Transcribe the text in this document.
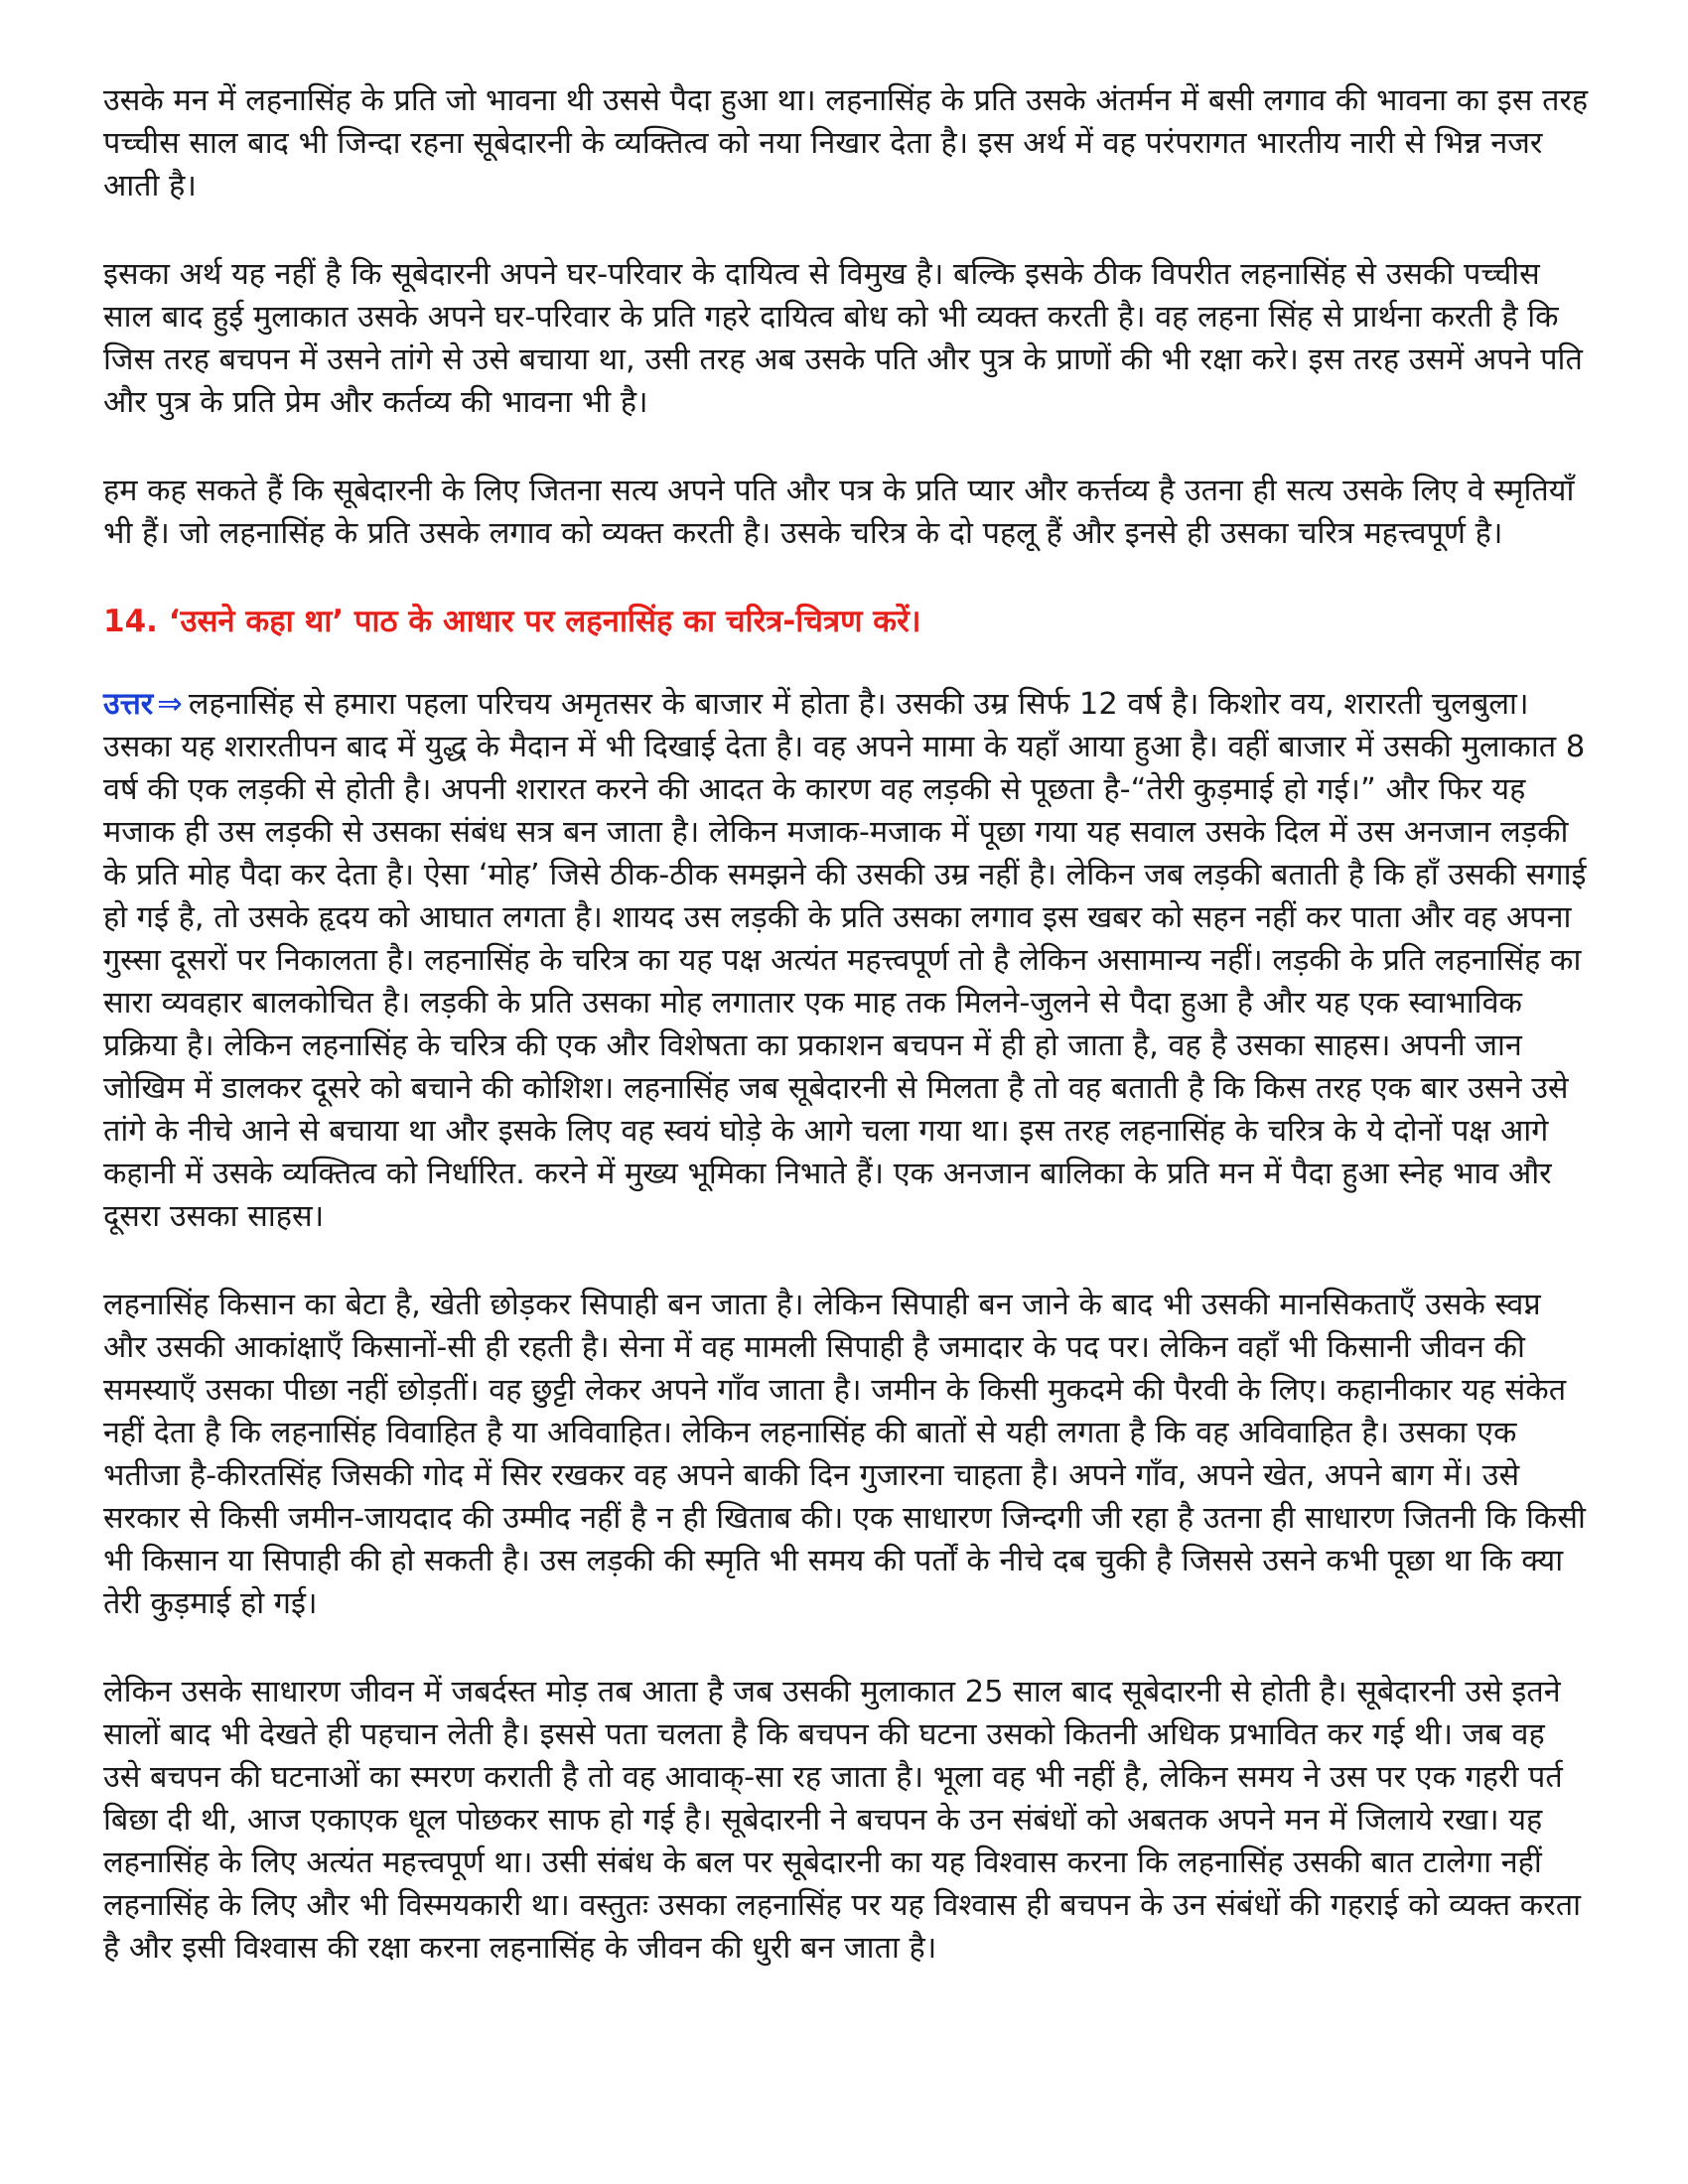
उसके मन में लहनासिंह के प्रति जो भावना थी उससे पैदा हुआ था। लहनासिंह के प्रति उसके अंतर्मन में बसी लगाव की भावना का इस तरह पच्चीस साल बाद भी जिन्दा रहना सूबेदारनी के व्यक्तित्व को नया निखार देता है। इस अर्थ में वह परंपरागत भारतीय नारी से भिन्न नजर आती है।

इसका अर्थ यह नहीं है कि सूबेदारनी अपने घर-परिवार के दायित्व से विमुख है। बल्कि इसके ठीक विपरीत लहनासिंह से उसकी पच्चीस साल बाद हुई मुलाकात उसके अपने घर-परिवार के प्रति गहरे दायित्व बोध को भी व्यक्त करती है। वह लहना सिंह से प्रार्थना करती है कि जिस तरह बचपन में उसने तांगे से उसे बचाया था, उसी तरह अब उसके पति और पुत्र के प्राणों की भी रक्षा करे। इस तरह उसमें अपने पति और पुत्र के प्रति प्रेम और कर्तव्य की भावना भी है।

हम कह सकते हैं कि सूबेदारनी के लिए जितना सत्य अपने पति और पत्र के प्रति प्यार और कर्त्तव्य है उतना ही सत्य उसके लिए वे स्मृतियाँ भी हैं। जो लहनासिंह के प्रति उसके लगाव को व्यक्त करती है। उसके चरित्र के दो पहलू हैं और इनसे ही उसका चरित्र महत्त्वपूर्ण है।

14. ‘उसने कहा था’ पाठ के आधार पर लहनासिंह का चरित्र-चित्रण करें।

उत्तर ⇒ लहनासिंह से हमारा पहला परिचय अमृतसर के बाजार में होता है। उसकी उम्र सिर्फ 12 वर्ष है। किशोर वय, शरारती चुलबुला। उसका यह शरारतीपन बाद में युद्ध के मैदान में भी दिखाई देता है। वह अपने मामा के यहाँ आया हुआ है। वहीं बाजार में उसकी मुलाकात 8 वर्ष की एक लड़की से होती है। अपनी शरारत करने की आदत के कारण वह लड़की से पूछता है-“तेरी कुड़माई हो गई।” और फिर यह मजाक ही उस लड़की से उसका संबंध सत्र बन जाता है। लेकिन मजाक-मजाक में पूछा गया यह सवाल उसके दिल में उस अनजान लड़की के प्रति मोह पैदा कर देता है। ऐसा ‘मोह’ जिसे ठीक-ठीक समझने की उसकी उम्र नहीं है। लेकिन जब लड़की बताती है कि हाँ उसकी सगाई हो गई है, तो उसके हृदय को आघात लगता है। शायद उस लड़की के प्रति उसका लगाव इस खबर को सहन नहीं कर पाता और वह अपना गुस्सा दूसरों पर निकालता है। लहनासिंह के चरित्र का यह पक्ष अत्यंत महत्त्वपूर्ण तो है लेकिन असामान्य नहीं। लड़की के प्रति लहनासिंह का सारा व्यवहार बालकोचित है। लड़की के प्रति उसका मोह लगातार एक माह तक मिलने-जुलने से पैदा हुआ है और यह एक स्वाभाविक प्रक्रिया है। लेकिन लहनासिंह के चरित्र की एक और विशेषता का प्रकाशन बचपन में ही हो जाता है, वह है उसका साहस। अपनी जान जोखिम में डालकर दूसरे को बचाने की कोशिश। लहनासिंह जब सूबेदारनी से मिलता है तो वह बताती है कि किस तरह एक बार उसने उसे तांगे के नीचे आने से बचाया था और इसके लिए वह स्वयं घोड़े के आगे चला गया था। इस तरह लहनासिंह के चरित्र के ये दोनों पक्ष आगे कहानी में उसके व्यक्तित्व को निर्धारित. करने में मुख्य भूमिका निभाते हैं। एक अनजान बालिका के प्रति मन में पैदा हुआ स्नेह भाव और दूसरा उसका साहस।

लहनासिंह किसान का बेटा है, खेती छोड़कर सिपाही बन जाता है। लेकिन सिपाही बन जाने के बाद भी उसकी मानसिकताएँ उसके स्वप्न और उसकी आकांक्षाएँ किसानों-सी ही रहती है। सेना में वह मामली सिपाही है जमादार के पद पर। लेकिन वहाँ भी किसानी जीवन की समस्याएँ उसका पीछा नहीं छोड़तीं। वह छुट्टी लेकर अपने गाँव जाता है। जमीन के किसी मुकदमे की पैरवी के लिए। कहानीकार यह संकेत नहीं देता है कि लहनासिंह विवाहित है या अविवाहित। लेकिन लहनासिंह की बातों से यही लगता है कि वह अविवाहित है। उसका एक भतीजा है-कीरतसिंह जिसकी गोद में सिर रखकर वह अपने बाकी दिन गुजारना चाहता है। अपने गाँव, अपने खेत, अपने बाग में। उसे सरकार से किसी जमीन-जायदाद की उम्मीद नहीं है न ही खिताब की। एक साधारण जिन्दगी जी रहा है उतना ही साधारण जितनी कि किसी भी किसान या सिपाही की हो सकती है। उस लड़की की स्मृति भी समय की पर्तों के नीचे दब चुकी है जिससे उसने कभी पूछा था कि क्या तेरी कुड़माई हो गई।

लेकिन उसके साधारण जीवन में जबर्दस्त मोड़ तब आता है जब उसकी मुलाकात 25 साल बाद सूबेदारनी से होती है। सूबेदारनी उसे इतने सालों बाद भी देखते ही पहचान लेती है। इससे पता चलता है कि बचपन की घटना उसको कितनी अधिक प्रभावित कर गई थी। जब वह उसे बचपन की घटनाओं का स्मरण कराती है तो वह आवाक्-सा रह जाता है। भूला वह भी नहीं है, लेकिन समय ने उस पर एक गहरी पर्त बिछा दी थी, आज एकाएक धूल पोछकर साफ हो गई है। सूबेदारनी ने बचपन के उन संबंधों को अबतक अपने मन में जिलाये रखा। यह लहनासिंह के लिए अत्यंत महत्त्वपूर्ण था। उसी संबंध के बल पर सूबेदारनी का यह विश्वास करना कि लहनासिंह उसकी बात टालेगा नहीं लहनासिंह के लिए और भी विस्मयकारी था। वस्तुतः उसका लहनासिंह पर यह विश्वास ही बचपन के उन संबंधों की गहराई को व्यक्त करता है और इसी विश्वास की रक्षा करना लहनासिंह के जीवन की धुरी बन जाता है।
